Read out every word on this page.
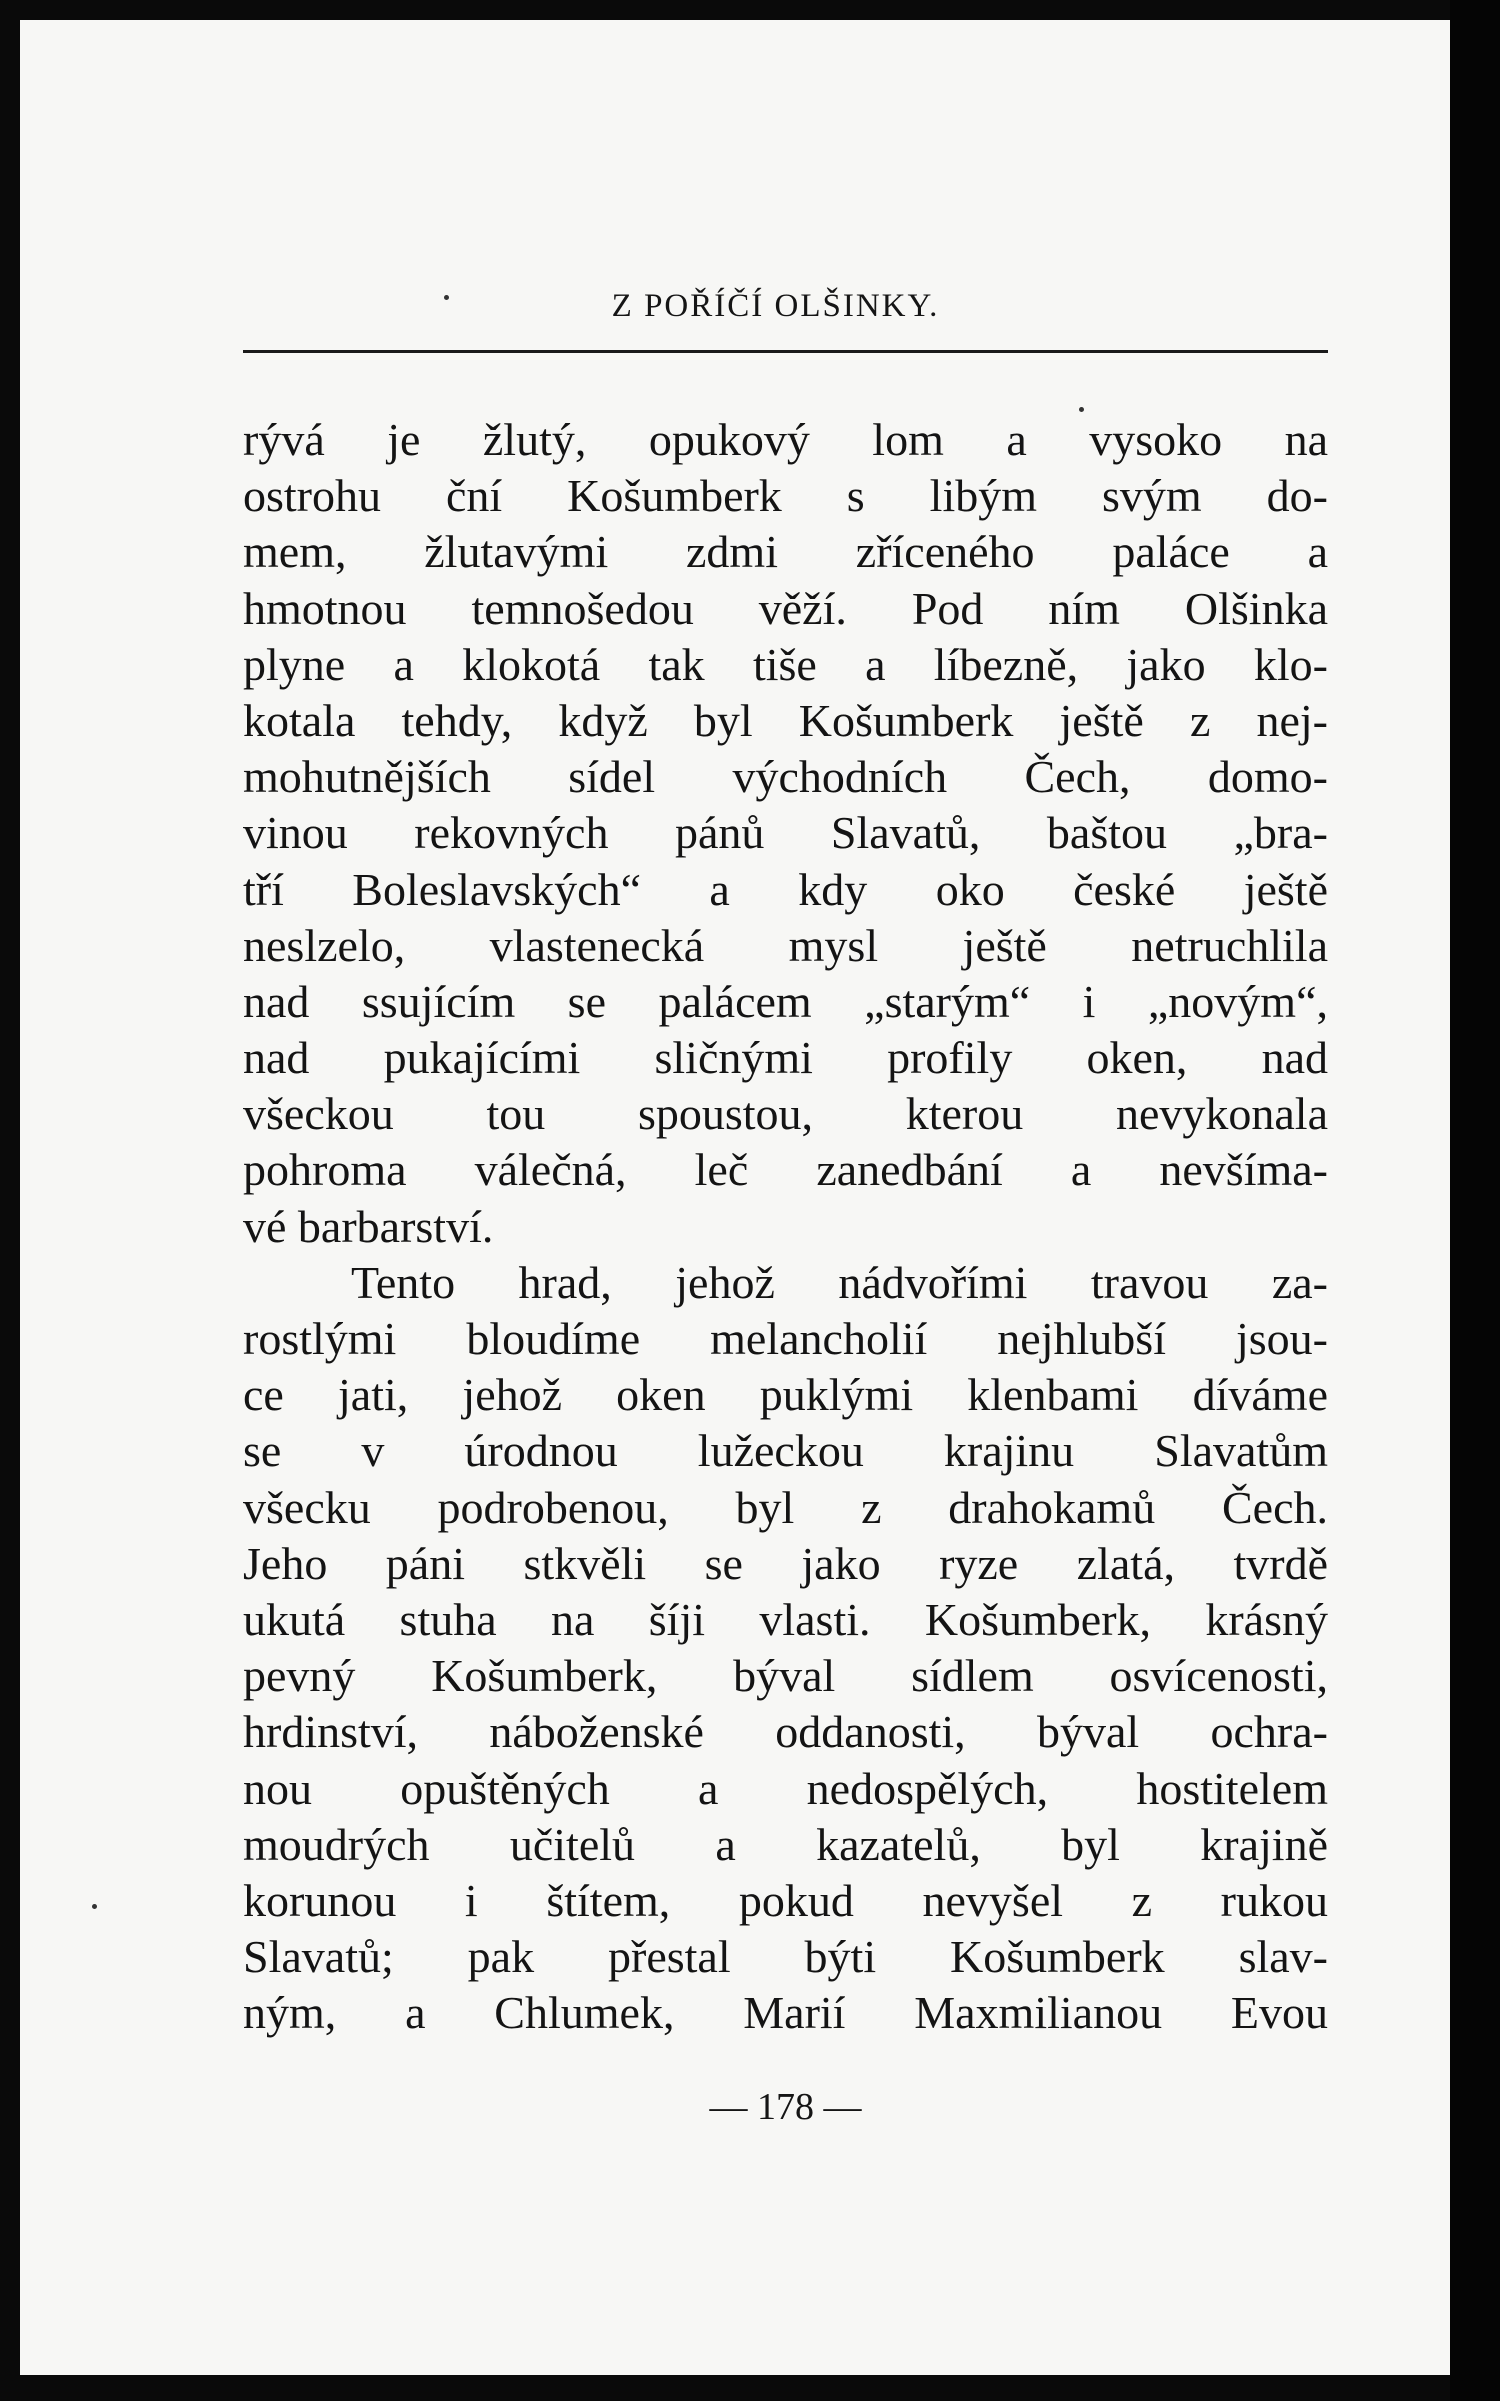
Z POŘÍČÍ OLŠINKY.
rývá je žlutý, opukový lom a vysoko na
ostrohu ční Košumberk s libým svým do-
mem, žlutavými zdmi zříceného paláce a
hmotnou temnošedou věží. Pod ním Olšinka
plyne a klokotá tak tiše a líbezně, jako klo-
kotala tehdy, když byl Košumberk ještě z nej-
mohutnějších sídel východních Čech, domo-
vinou rekovných pánů Slavatů, baštou „bra-
tří Boleslavských“ a kdy oko české ještě
neslzelo, vlastenecká mysl ještě netruchlila
nad ssujícím se palácem „starým“ i „novým“,
nad pukajícími sličnými profily oken, nad
všeckou tou spoustou, kterou nevykonala
pohroma válečná, leč zanedbání a nevšíma-
vé barbarství.
Tento hrad, jehož nádvořími travou za-
rostlými bloudíme melancholií nejhlubší jsou-
ce jati, jehož oken puklými klenbami díváme
se v úrodnou lužeckou krajinu Slavatům
všecku podrobenou, byl z drahokamů Čech.
Jeho páni stkvěli se jako ryze zlatá, tvrdě
ukutá stuha na šíji vlasti. Košumberk, krásný
pevný Košumberk, býval sídlem osvícenosti,
hrdinství, náboženské oddanosti, býval ochra-
nou opuštěných a nedospělých, hostitelem
moudrých učitelů a kazatelů, byl krajině
korunou i štítem, pokud nevyšel z rukou
Slavatů; pak přestal býti Košumberk slav-
ným, a Chlumek, Marií Maxmilianou Evou
— 178 —
